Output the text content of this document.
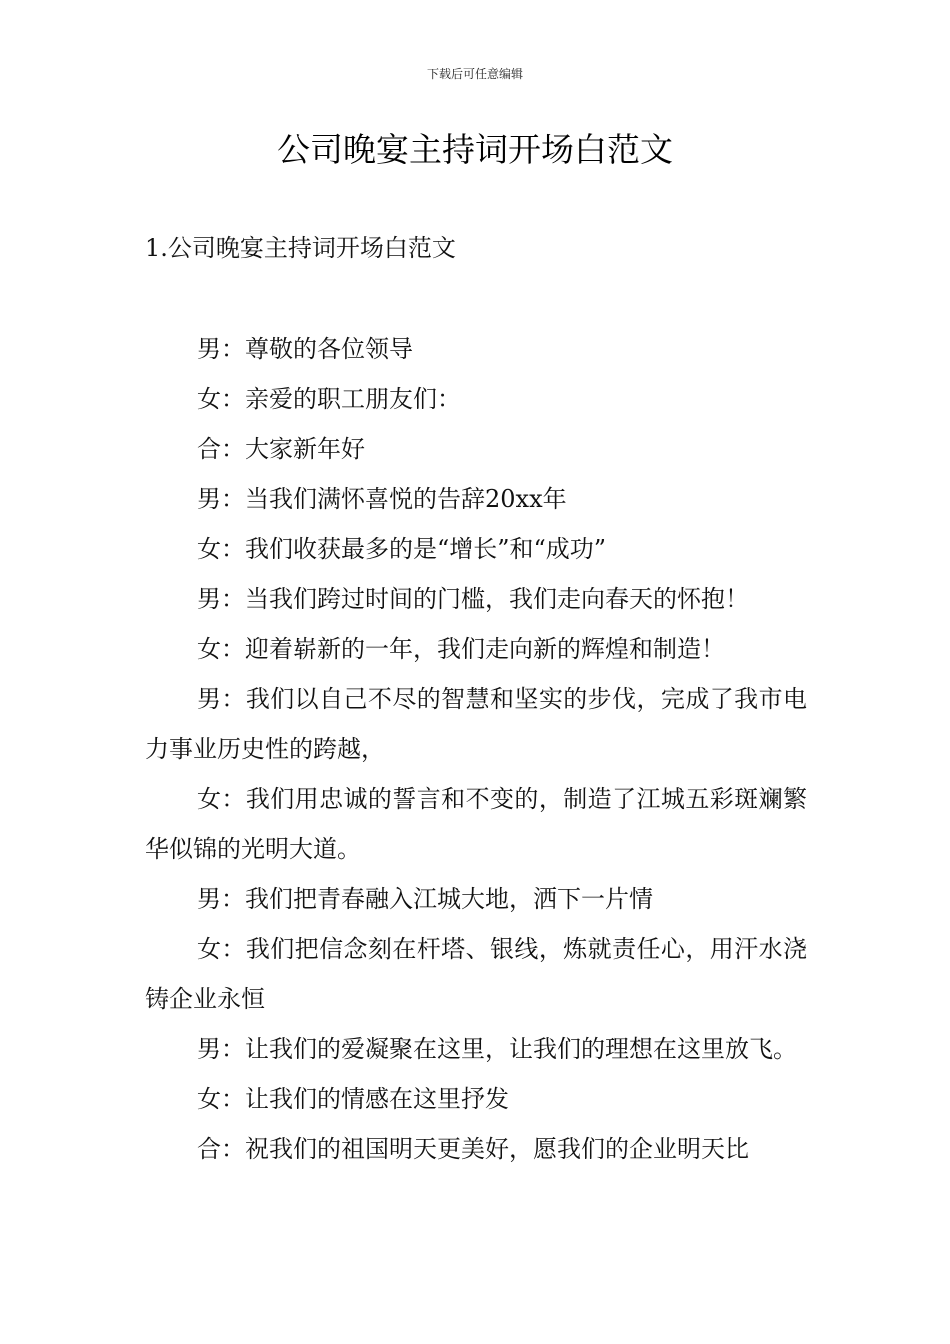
下载后可任意编辑
公司晚宴主持词开场白范文
1.公司晚宴主持词开场白范文

男：尊敬的各位领导

女：亲爱的职工朋友们：

合：大家新年好

男：当我们满怀喜悦的告辞20xx年

女：我们收获最多的是“增长”和“成功”

男：当我们跨过时间的门槛，我们走向春天的怀抱！

女：迎着崭新的一年，我们走向新的辉煌和制造！

男：我们以自己不尽的智慧和坚实的步伐，完成了我市电力事业历史性的跨越，

女：我们用忠诚的誓言和不变的，制造了江城五彩斑斓繁华似锦的光明大道。

男：我们把青春融入江城大地，洒下一片情

女：我们把信念刻在杆塔、银线，炼就责任心，用汗水浇铸企业永恒

男：让我们的爱凝聚在这里，让我们的理想在这里放飞。

女：让我们的情感在这里抒发

合：祝我们的祖国明天更美好，愿我们的企业明天比
